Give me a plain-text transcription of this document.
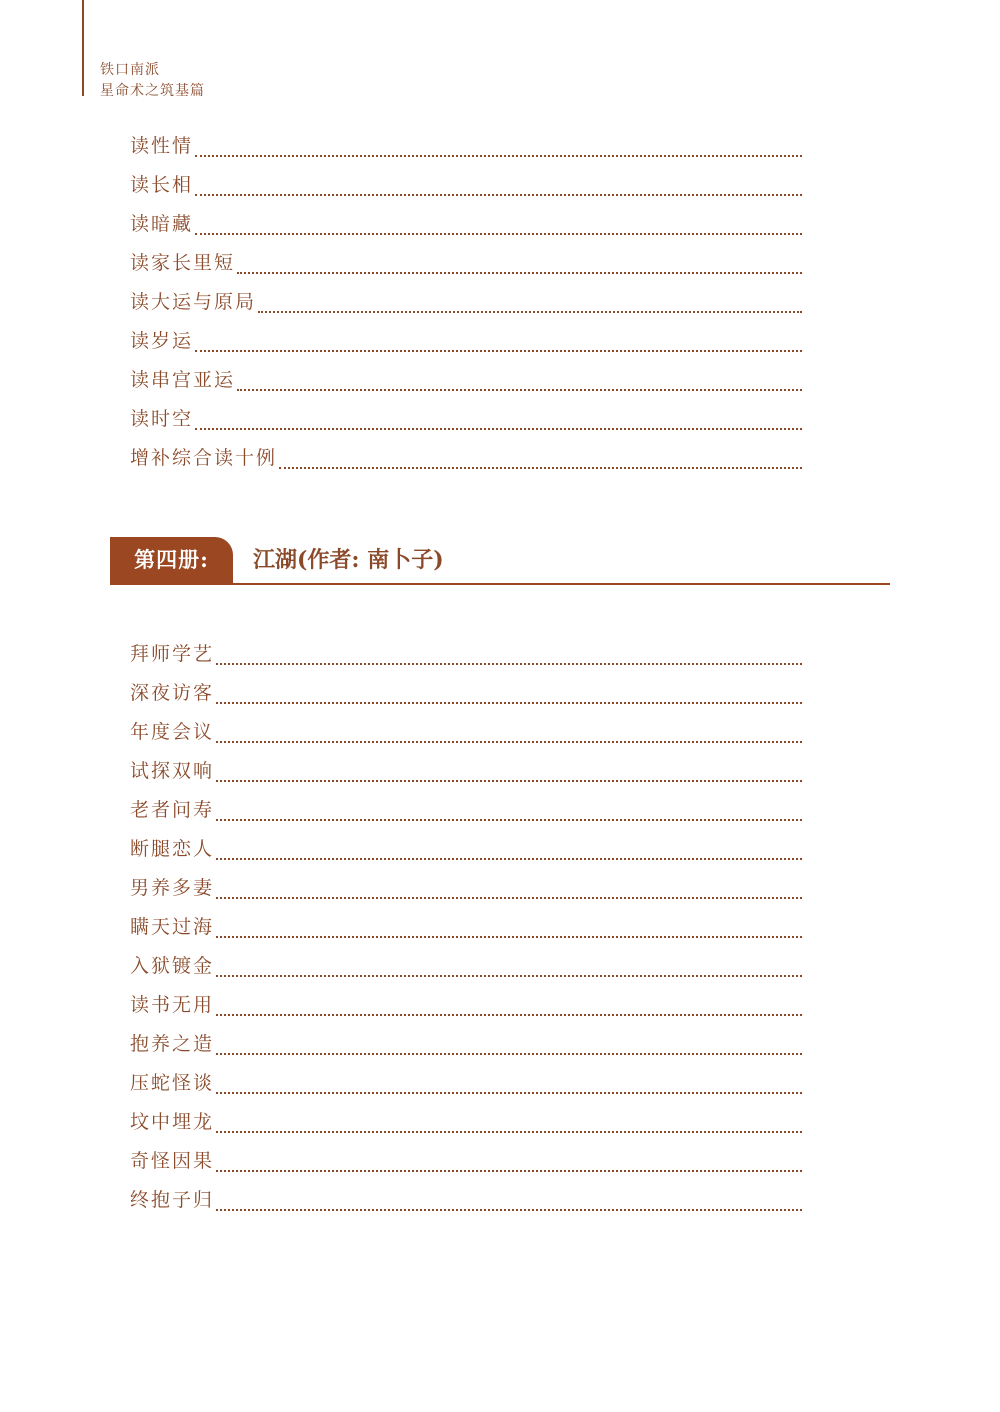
铁口南派
星命术之筑基篇
读性情
读长相
读暗藏
读家长里短
读大运与原局
读岁运
读串宫亚运
读时空
增补综合读十例
第四册:	江湖(作者: 南卜子)
拜师学艺
深夜访客
年度会议
试探双响
老者问寿
断腿恋人
男养多妻
瞒天过海
入狱镀金
读书无用
抱养之造
压蛇怪谈
坟中埋龙
奇怪因果
终抱子归
